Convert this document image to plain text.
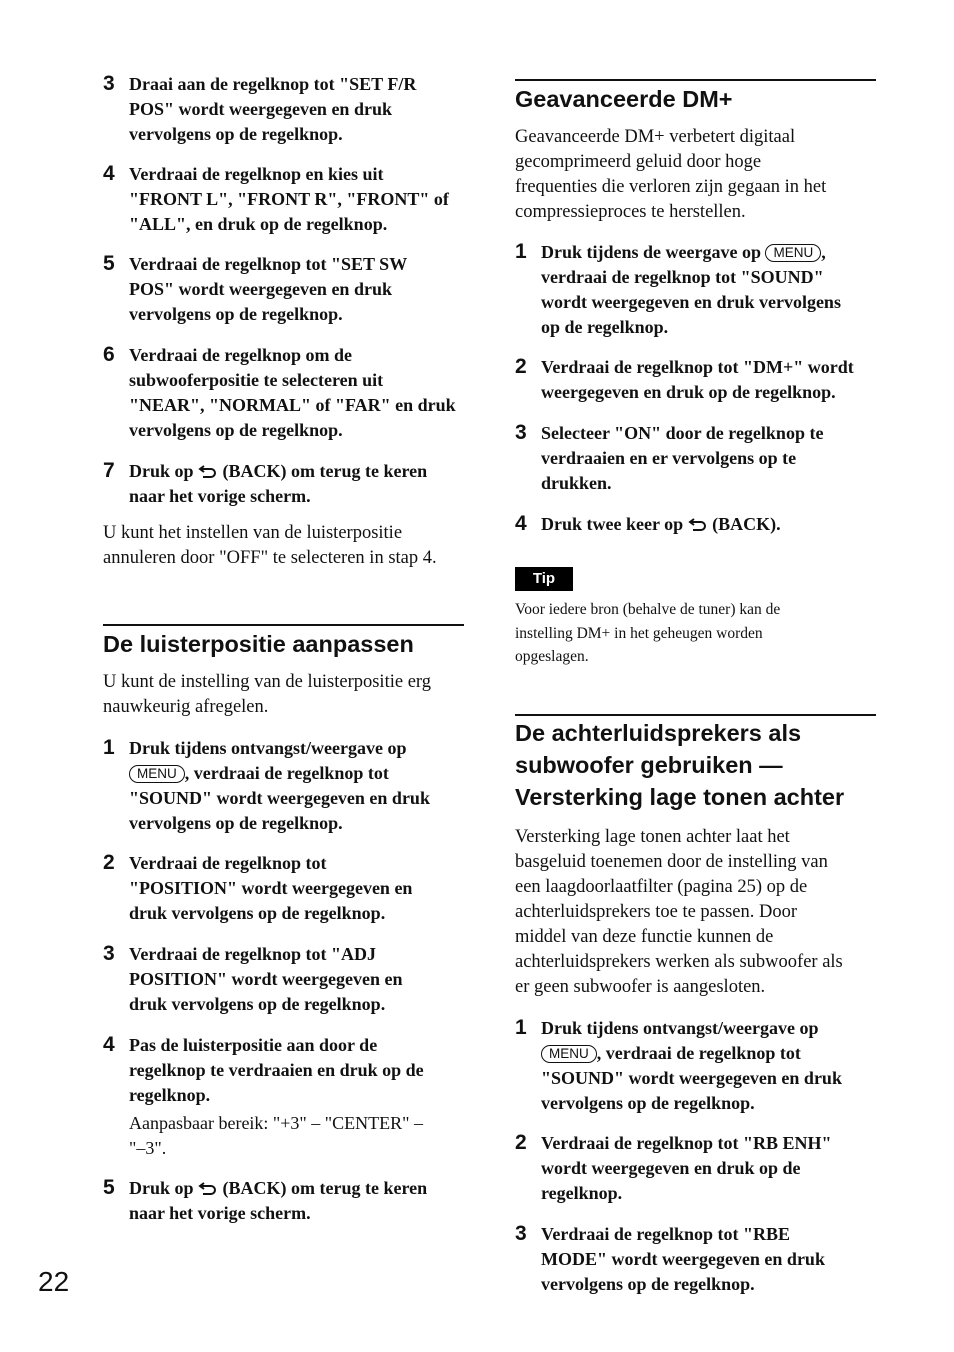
3 Draai aan de regelknop tot "SET F/R
POS" wordt weergegeven en druk
vervolgens op de regelknop.
4 Verdraai de regelknop en kies uit
"FRONT L", "FRONT R", "FRONT" of
"ALL", en druk op de regelknop.
5 Verdraai de regelknop tot "SET SW
POS" wordt weergegeven en druk
vervolgens op de regelknop.
6 Verdraai de regelknop om de
subwooferpositie te selecteren uit
"NEAR", "NORMAL" of "FAR" en druk
vervolgens op de regelknop.
7 Druk op  (BACK) om terug te keren
naar het vorige scherm.
U kunt het instellen van de luisterpositie
annuleren door "OFF" te selecteren in stap 4.
De luisterpositie aanpassen
U kunt de instelling van de luisterpositie erg
nauwkeurig afregelen.
1 Druk tijdens ontvangst/weergave op
MENU , verdraai de regelknop tot
"SOUND" wordt weergegeven en druk
vervolgens op de regelknop.
2 Verdraai de regelknop tot
"POSITION" wordt weergegeven en
druk vervolgens op de regelknop.
3 Verdraai de regelknop tot "ADJ
POSITION" wordt weergegeven en
druk vervolgens op de regelknop.
4 Pas de luisterpositie aan door de
regelknop te verdraaien en druk op de
regelknop.
Aanpasbaar bereik: "+3" – "CENTER" –
"–3".
5 Druk op  (BACK) om terug te keren
naar het vorige scherm.
22
Geavanceerde DM+
Geavanceerde DM+ verbetert digitaal
gecomprimeerd geluid door hoge
frequenties die verloren zijn gegaan in het
compressieproces te herstellen.
1 Druk tijdens de weergave op MENU ,
verdraai de regelknop tot "SOUND"
wordt weergegeven en druk vervolgens
op de regelknop.
2 Verdraai de regelknop tot "DM+" wordt
weergegeven en druk op de regelknop.
3 Selecteer "ON" door de regelknop te
verdraaien en er vervolgens op te
drukken.
4 Druk twee keer op  (BACK).
Tip
Voor iedere bron (behalve de tuner) kan de
instelling DM+ in het geheugen worden
opgeslagen.
De achterluidsprekers als
subwoofer gebruiken —
Versterking lage tonen achter
Versterking lage tonen achter laat het
basgeluid toenemen door de instelling van
een laagdoorlaatfilter (pagina 25) op de
achterluidsprekers toe te passen. Door
middel van deze functie kunnen de
achterluidsprekers werken als subwoofer als
er geen subwoofer is aangesloten.
1 Druk tijdens ontvangst/weergave op
MENU , verdraai de regelknop tot
"SOUND" wordt weergegeven en druk
vervolgens op de regelknop.
2 Verdraai de regelknop tot "RB ENH"
wordt weergegeven en druk op de
regelknop.
3 Verdraai de regelknop tot "RBE
MODE" wordt weergegeven en druk
vervolgens op de regelknop.
